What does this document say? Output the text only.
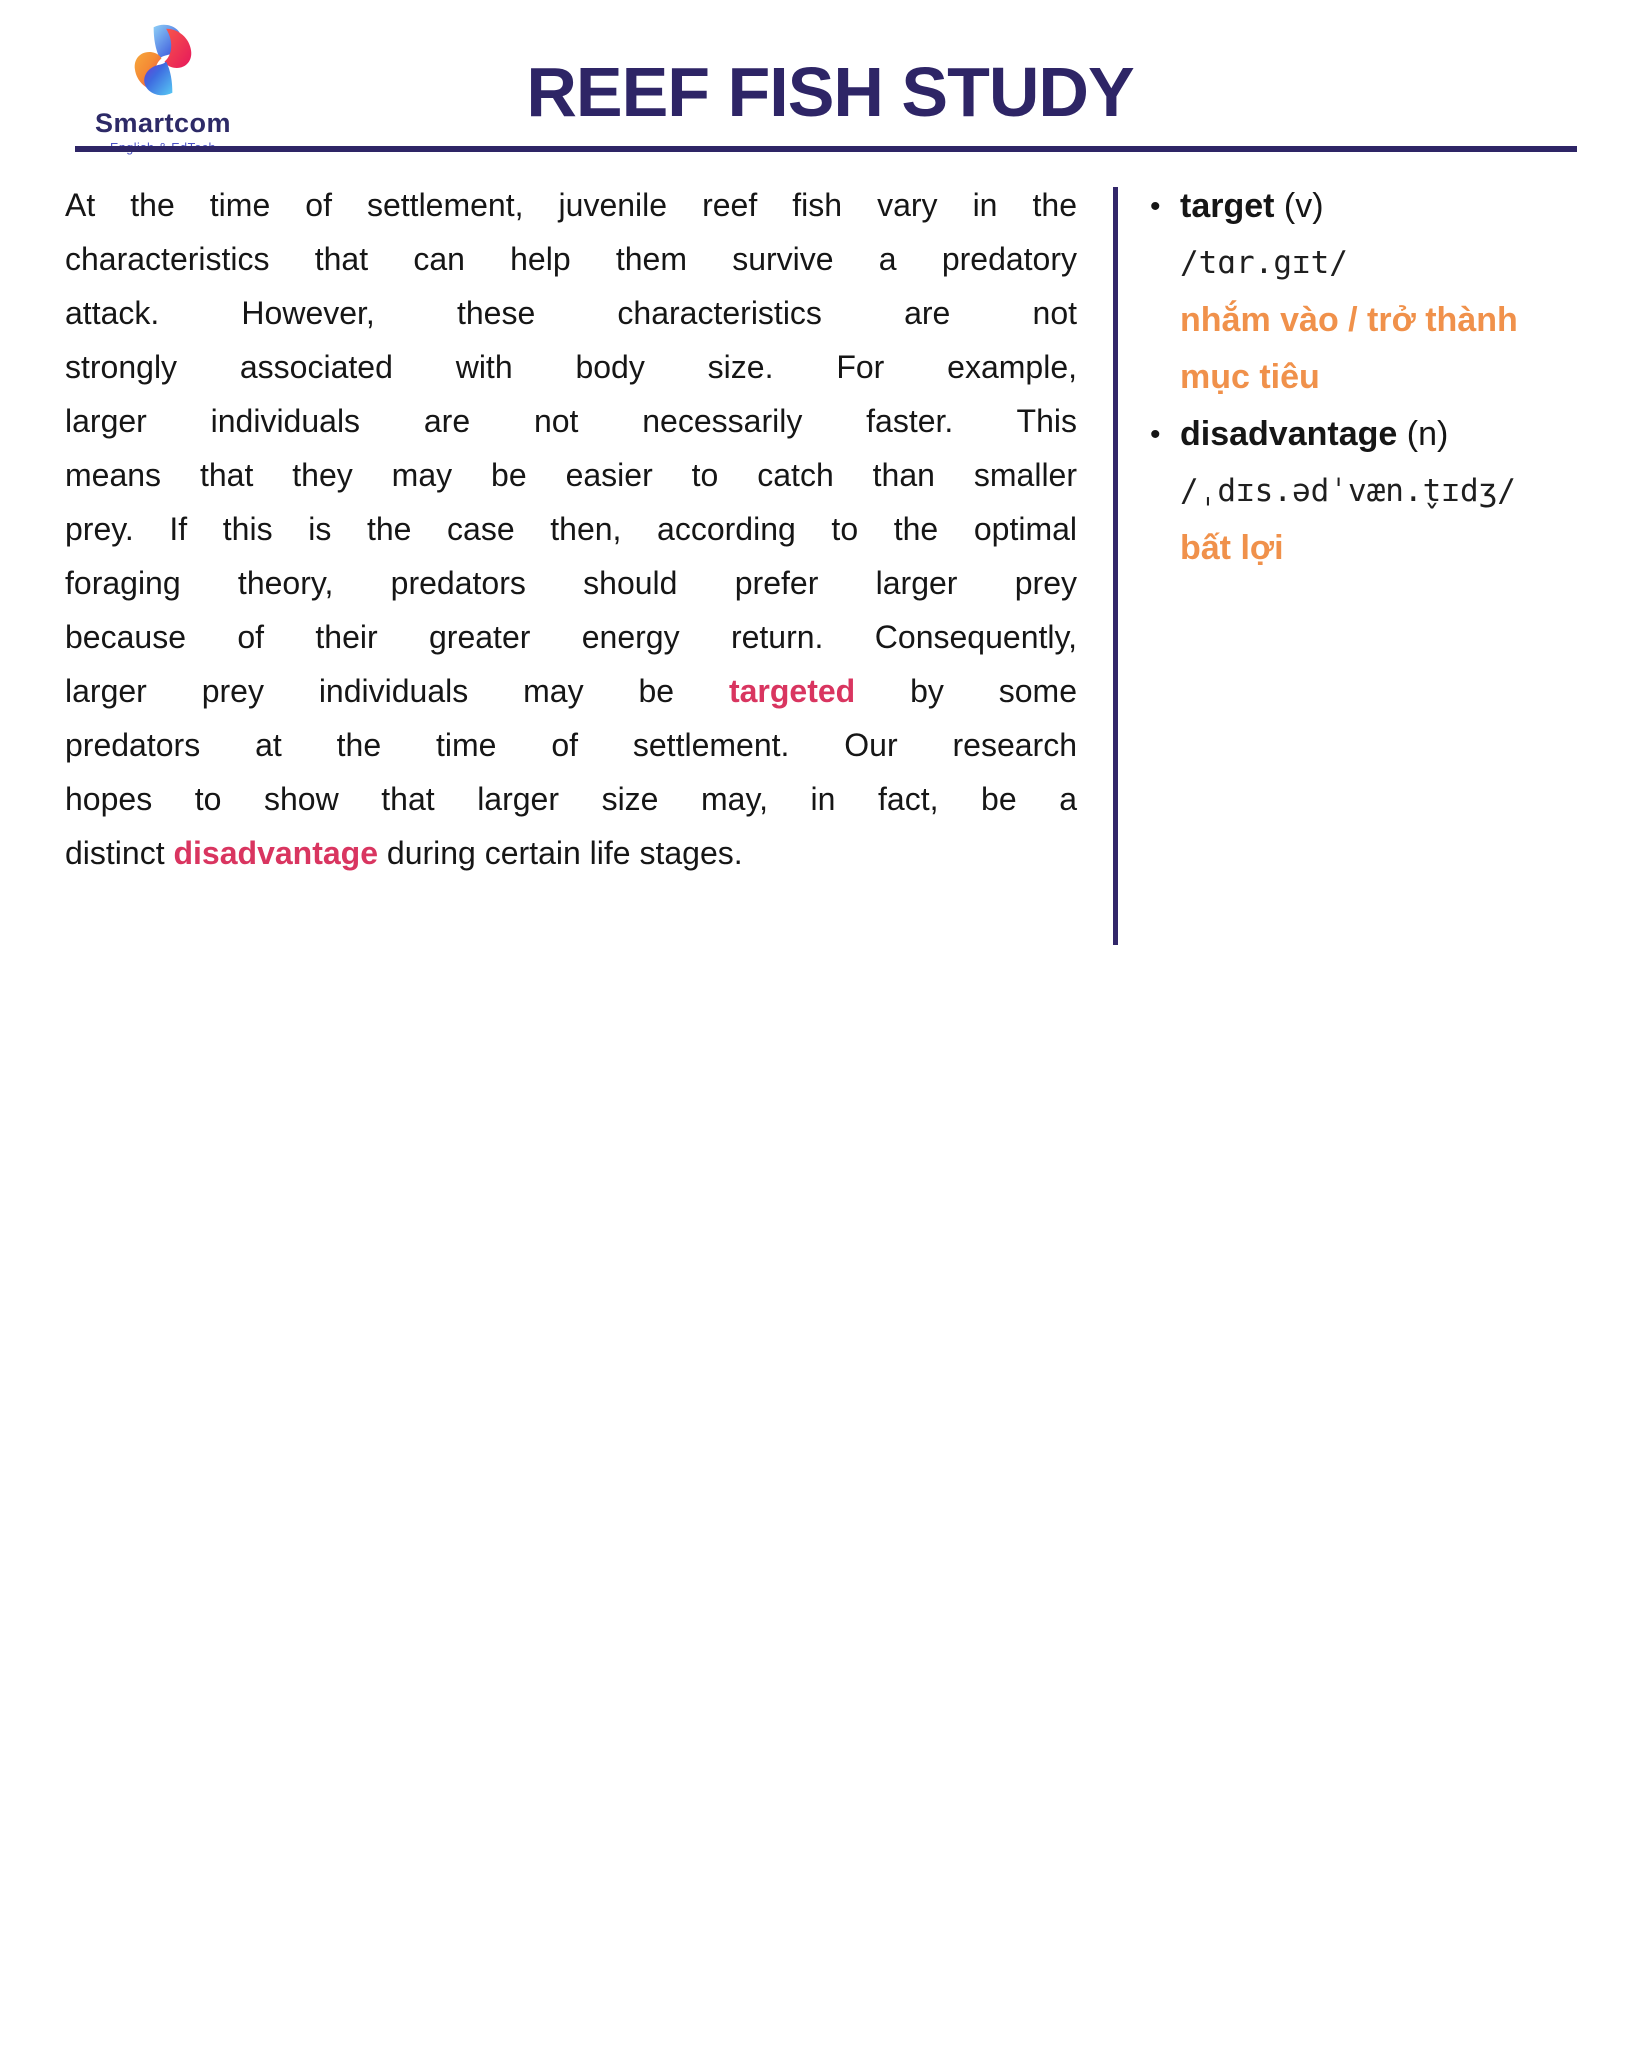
Smartcom	REEF FISH STUDY
At the time of settlement, juvenile reef fish vary in the
characteristics that can help them survive a predatory
attack. However, these characteristics are not
strongly associated with body size. For example,
larger individuals are not necessarily faster. This
means that they may be easier to catch than smaller
prey. If this is the case then, according to the optimal
foraging theory, predators should prefer larger prey
because of their greater energy return. Consequently,
larger prey individuals may be targeted by some
predators at the time of settlement. Our research
hopes to show that larger size may, in fact, be a
distinct disadvantage during certain life stages.
• target (v)
/tɑr.gɪt/
nhắm vào / trở thành mục tiêu
• disadvantage (n)
/ˌdɪs.ədˈvæn.t̬ɪdʒ/
bất lợi
